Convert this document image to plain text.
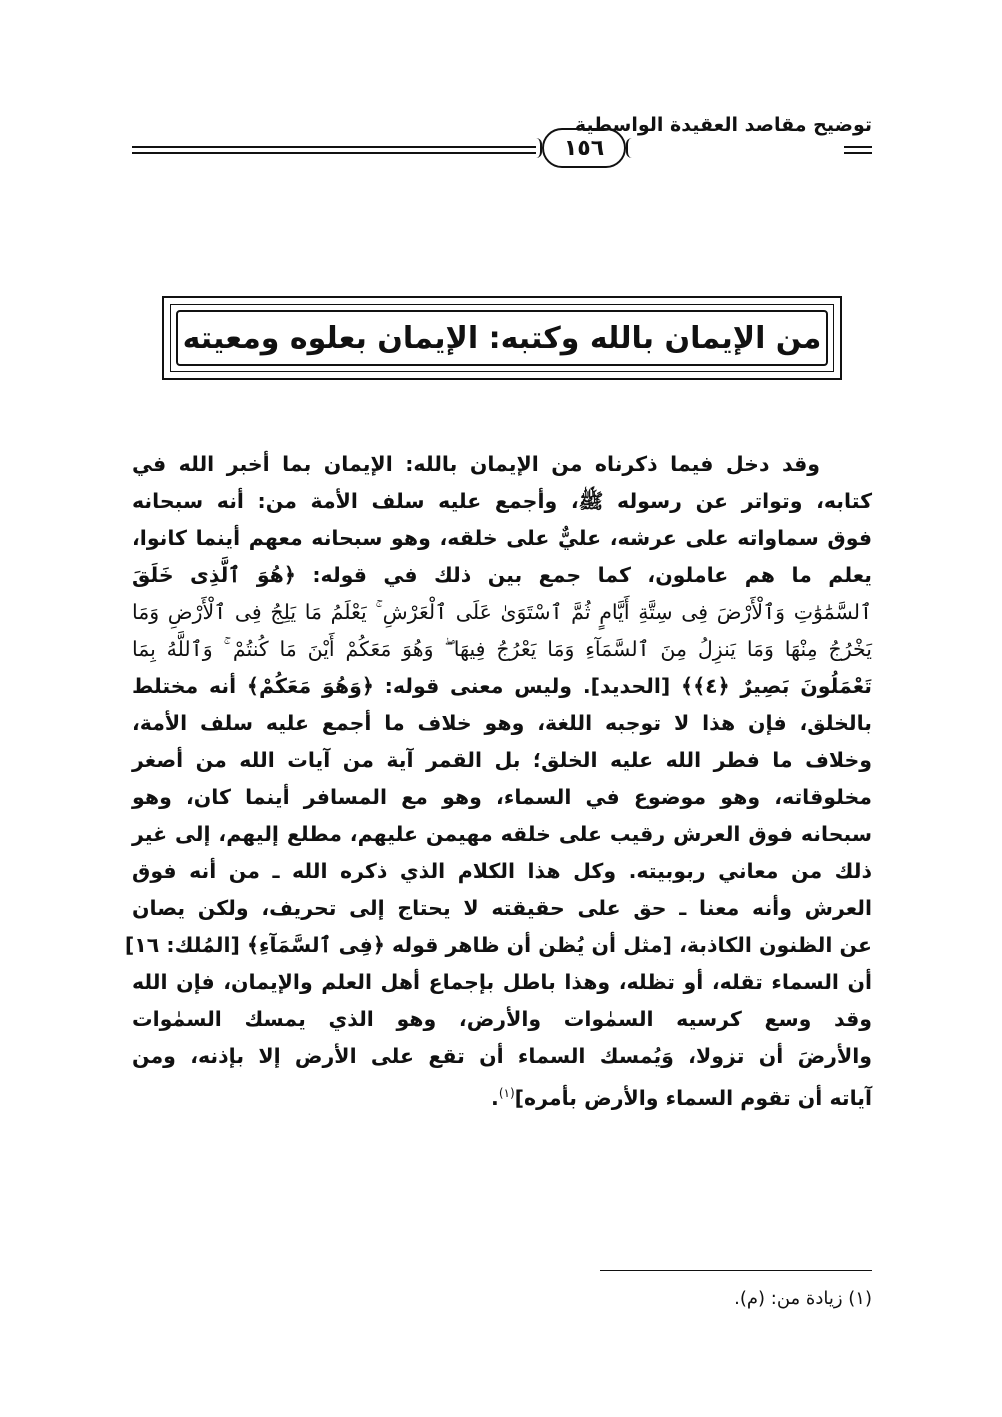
١٥٦
توضيح مقاصد العقيدة الواسطية
من الإيمان بالله وكتبه: الإيمان بعلوه ومعيته
وقد دخل فيما ذكرناه من الإيمان بالله: الإيمان بما أخبر الله في
كتابه، وتواتر عن رسوله ﷺ، وأجمع عليه سلف الأمة من: أنه سبحانه
فوق سماواته على عرشه، عليٌّ على خلقه، وهو سبحانه معهم أينما كانوا،
يعلم ما هم عاملون، كما جمع بين ذلك في قوله: ﴿هُوَ ٱلَّذِى خَلَقَ
ٱلسَّمَٰوَٰتِ وَٱلْأَرْضَ فِى سِتَّةِ أَيَّامٍ ثُمَّ ٱسْتَوَىٰ عَلَى ٱلْعَرْشِ ۚ يَعْلَمُ مَا يَلِجُ فِى ٱلْأَرْضِ وَمَا
يَخْرُجُ مِنْهَا وَمَا يَنزِلُ مِنَ ٱلسَّمَآءِ وَمَا يَعْرُجُ فِيهَا ۖ وَهُوَ مَعَكُمْ أَيْنَ مَا كُنتُمْ ۚ وَٱللَّهُ بِمَا
تَعْمَلُونَ بَصِيرٌ ﴿٤﴾﴾ [الحديد]. وليس معنى قوله: ﴿وَهُوَ مَعَكُمْ﴾ أنه مختلط
بالخلق، فإن هذا لا توجبه اللغة، وهو خلاف ما أجمع عليه سلف الأمة،
وخلاف ما فطر الله عليه الخلق؛ بل القمر آية من آيات الله من أصغر
مخلوقاته، وهو موضوع في السماء، وهو مع المسافر أينما كان، وهو
سبحانه فوق العرش رقيب على خلقه مهيمن عليهم، مطلع إليهم، إلى غير
ذلك من معاني ربوبيته. وكل هذا الكلام الذي ذكره الله ـ من أنه فوق
العرش وأنه معنا ـ حق على حقيقته لا يحتاج إلى تحريف، ولكن يصان
عن الظنون الكاذبة، [مثل أن يُظن أن ظاهر قوله ﴿فِى ٱلسَّمَآءِ﴾ [المُلك: ١٦]
أن السماء تقله، أو تظله، وهذا باطل بإجماع أهل العلم والإيمان، فإن الله
وقد وسع كرسيه السمٰوات والأرض، وهو الذي يمسك السمٰوات
والأرضَ أن تزولا، وَيُمسك السماء أن تقع على الأرض إلا بإذنه، ومن
آياته أن تقوم السماء والأرض بأمره]$^{(١)}$.
(١) زيادة من: (م).
